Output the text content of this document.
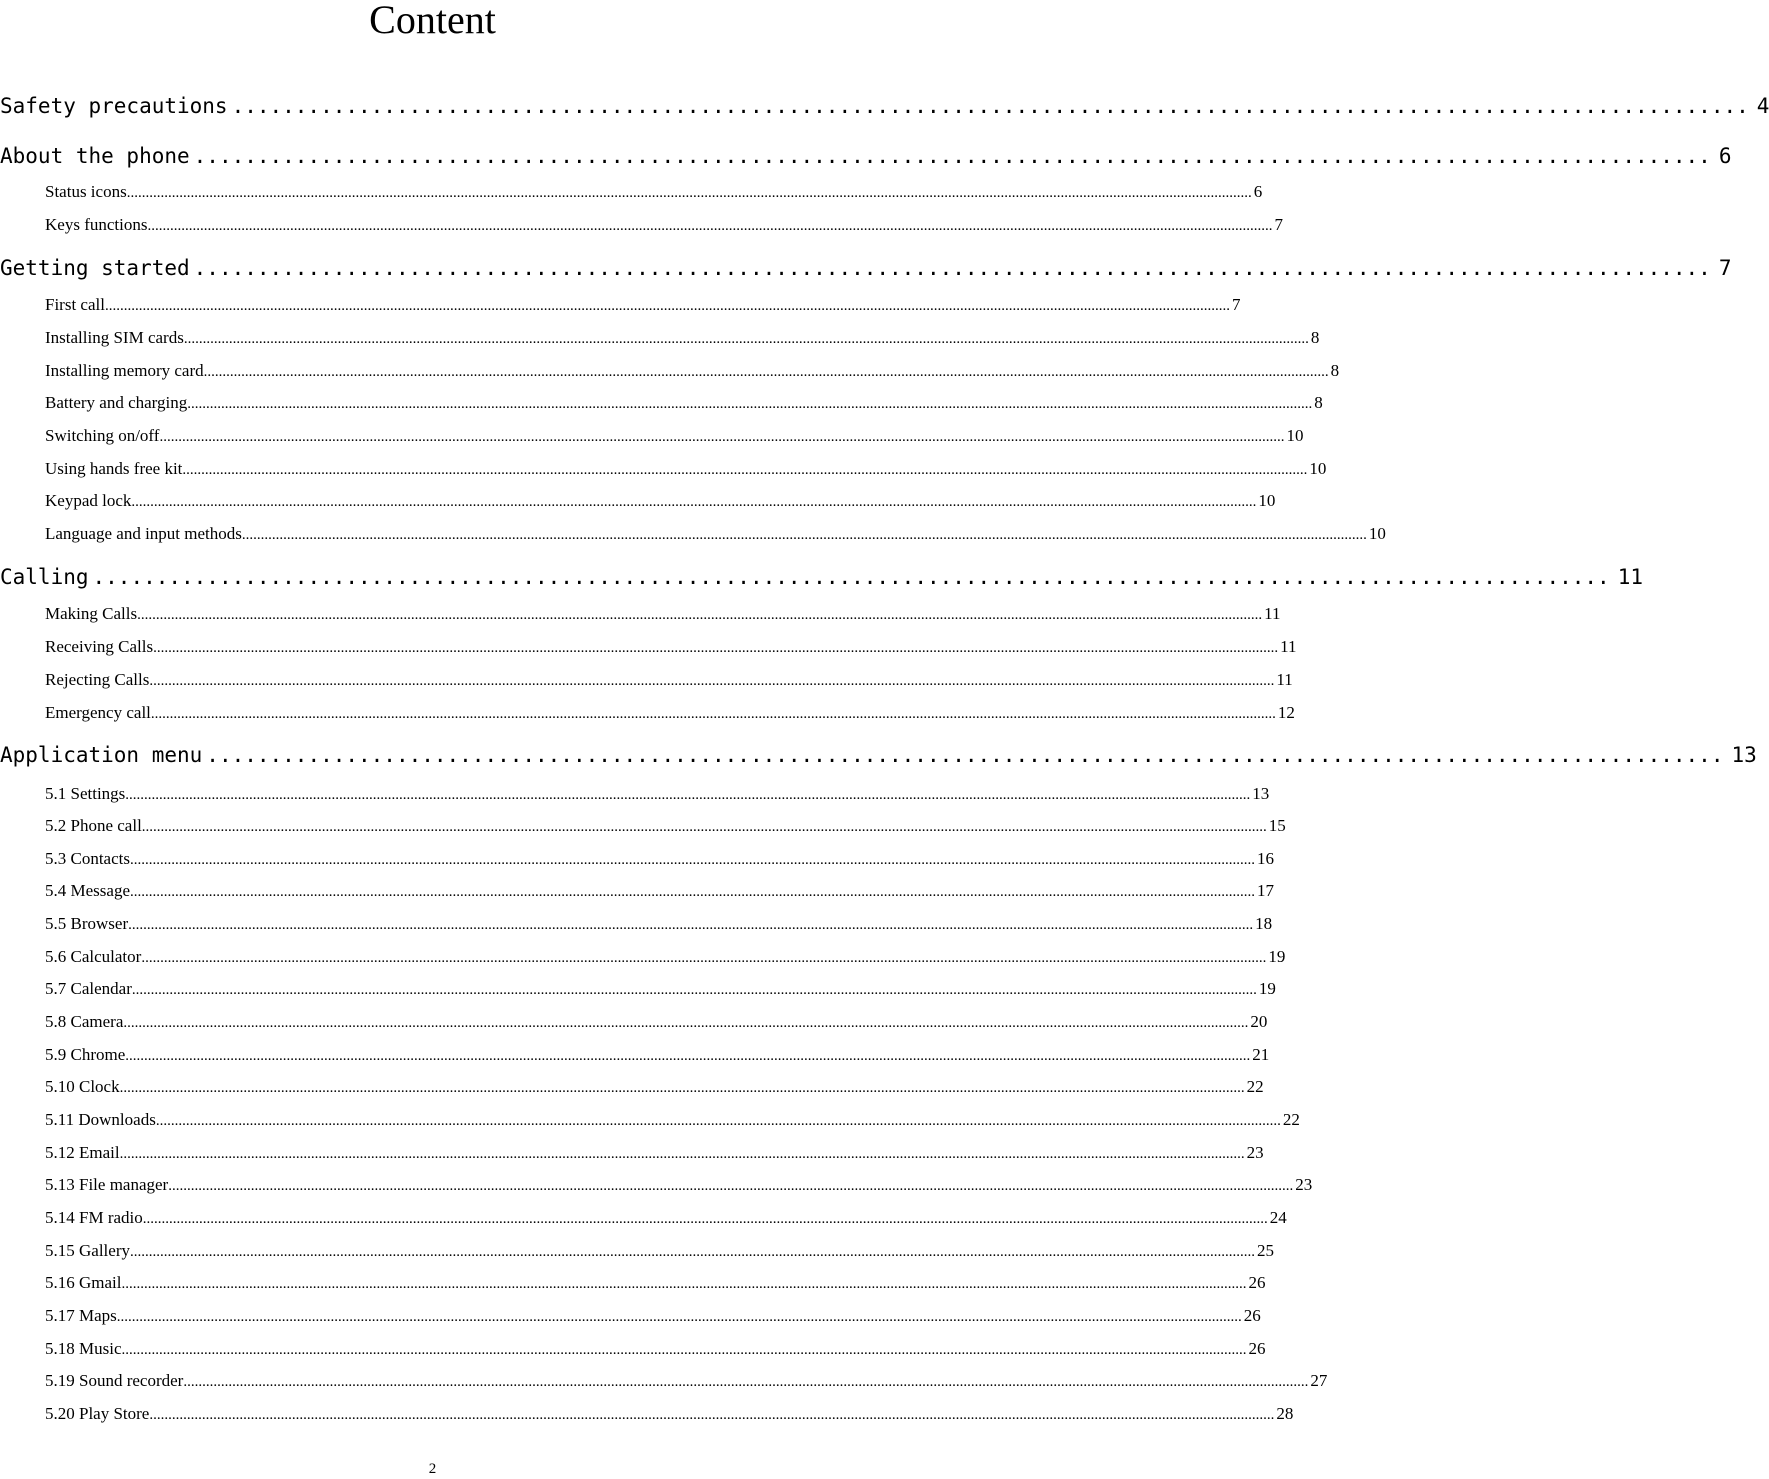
Content
Safety precautions ........................................................................................................................ 4
About the phone ........................................................................................................................ 6
Status icons ............................................................................................................................................................................................................................................................................................................ 6
Keys functions ............................................................................................................................................................................................................................................................................................................ 7
Getting started ........................................................................................................................ 7
First call ............................................................................................................................................................................................................................................................................................................ 7
Installing SIM cards ............................................................................................................................................................................................................................................................................................................ 8
Installing memory card ............................................................................................................................................................................................................................................................................................................ 8
Battery and charging ............................................................................................................................................................................................................................................................................................................ 8
Switching on/off ............................................................................................................................................................................................................................................................................................................ 10
Using hands free kit ............................................................................................................................................................................................................................................................................................................ 10
Keypad lock ............................................................................................................................................................................................................................................................................................................ 10
Language and input methods ............................................................................................................................................................................................................................................................................................................ 10
Calling ........................................................................................................................ 11
Making Calls ............................................................................................................................................................................................................................................................................................................ 11
Receiving Calls ............................................................................................................................................................................................................................................................................................................ 11
Rejecting Calls ............................................................................................................................................................................................................................................................................................................ 11
Emergency call ............................................................................................................................................................................................................................................................................................................ 12
Application menu ........................................................................................................................ 13
5.1 Settings ............................................................................................................................................................................................................................................................................................................ 13
5.2 Phone call ............................................................................................................................................................................................................................................................................................................ 15
5.3 Contacts ............................................................................................................................................................................................................................................................................................................ 16
5.4 Message ............................................................................................................................................................................................................................................................................................................ 17
5.5 Browser ............................................................................................................................................................................................................................................................................................................ 18
5.6 Calculator ............................................................................................................................................................................................................................................................................................................ 19
5.7 Calendar ............................................................................................................................................................................................................................................................................................................ 19
5.8 Camera ............................................................................................................................................................................................................................................................................................................ 20
5.9 Chrome ............................................................................................................................................................................................................................................................................................................ 21
5.10 Clock ............................................................................................................................................................................................................................................................................................................ 22
5.11 Downloads ............................................................................................................................................................................................................................................................................................................ 22
5.12 Email ............................................................................................................................................................................................................................................................................................................ 23
5.13 File manager ............................................................................................................................................................................................................................................................................................................ 23
5.14 FM radio ............................................................................................................................................................................................................................................................................................................ 24
5.15 Gallery ............................................................................................................................................................................................................................................................................................................ 25
5.16 Gmail ............................................................................................................................................................................................................................................................................................................ 26
5.17 Maps ............................................................................................................................................................................................................................................................................................................ 26
5.18 Music ............................................................................................................................................................................................................................................................................................................ 26
5.19 Sound recorder ............................................................................................................................................................................................................................................................................................................ 27
5.20 Play Store ............................................................................................................................................................................................................................................................................................................ 28
2
